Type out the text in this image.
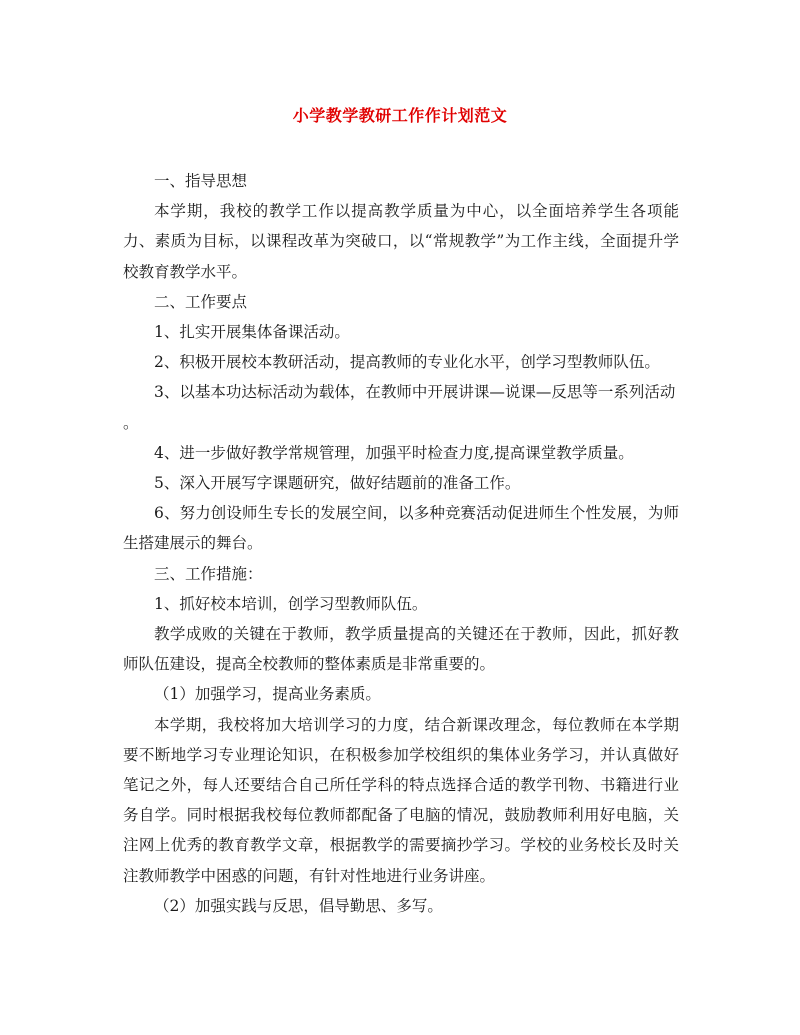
小学教学教研工作作计划范文

一、指导思想

本学期，我校的教学工作以提高教学质量为中心，以全面培养学生各项能力、素质为目标，以课程改革为突破口，以“常规教学”为工作主线，全面提升学校教育教学水平。

二、工作要点

1、扎实开展集体备课活动。

2、积极开展校本教研活动，提高教师的专业化水平，创学习型教师队伍。

3、以基本功达标活动为载体，在教师中开展讲课—说课—反思等一系列活动

。

4、进一步做好教学常规管理，加强平时检查力度,提高课堂教学质量。

5、深入开展写字课题研究，做好结题前的准备工作。

6、努力创设师生专长的发展空间，以多种竞赛活动促进师生个性发展，为师生搭建展示的舞台。

三、工作措施：

1、抓好校本培训，创学习型教师队伍。

教学成败的关键在于教师，教学质量提高的关键还在于教师，因此，抓好教师队伍建设，提高全校教师的整体素质是非常重要的。

（1）加强学习，提高业务素质。

本学期，我校将加大培训学习的力度，结合新课改理念，每位教师在本学期要不断地学习专业理论知识，在积极参加学校组织的集体业务学习，并认真做好笔记之外，每人还要结合自己所任学科的特点选择合适的教学刊物、书籍进行业务自学。同时根据我校每位教师都配备了电脑的情况，鼓励教师利用好电脑，关注网上优秀的教育教学文章，根据教学的需要摘抄学习。学校的业务校长及时关注教师教学中困惑的问题，有针对性地进行业务讲座。

（2）加强实践与反思，倡导勤思、多写。
